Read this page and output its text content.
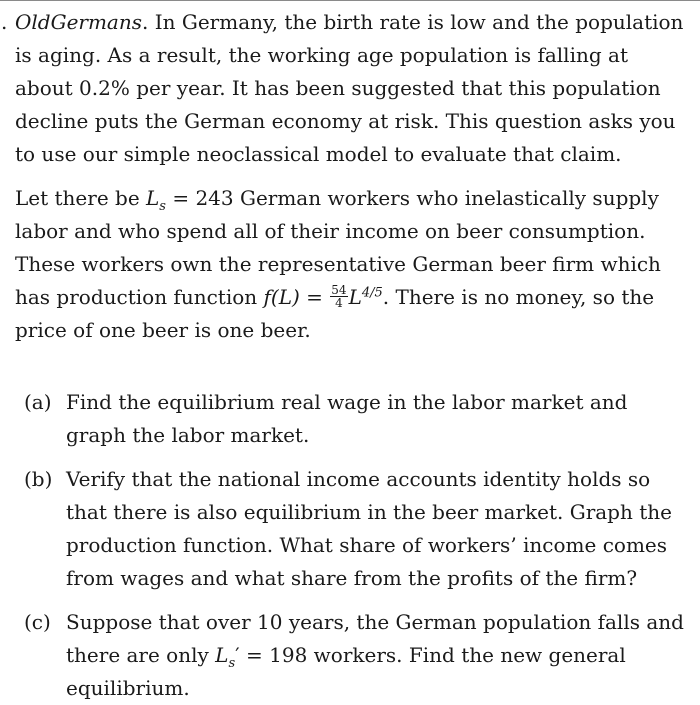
. OldGermans. In Germany, the birth rate is low and the population is aging. As a result, the working age population is falling at about 0.2% per year. It has been suggested that this population decline puts the German economy at risk. This question asks you to use our simple neoclassical model to evaluate that claim.

Let there be $L_s = 243$ German workers who inelastically supply labor and who spend all of their income on beer consumption. These workers own the representative German beer firm which has production function $f(L) = \frac{54}{4} L^{4/5}$. There is no money, so the price of one beer is one beer.

(a) Find the equilibrium real wage in the labor market and graph the labor market.
(b) Verify that the national income accounts identity holds so that there is also equilibrium in the beer market. Graph the production function. What share of workers’ income comes from wages and what share from the profits of the firm?
(c) Suppose that over 10 years, the German population falls and there are only $L_s' = 198$ workers. Find the new general equilibrium.
